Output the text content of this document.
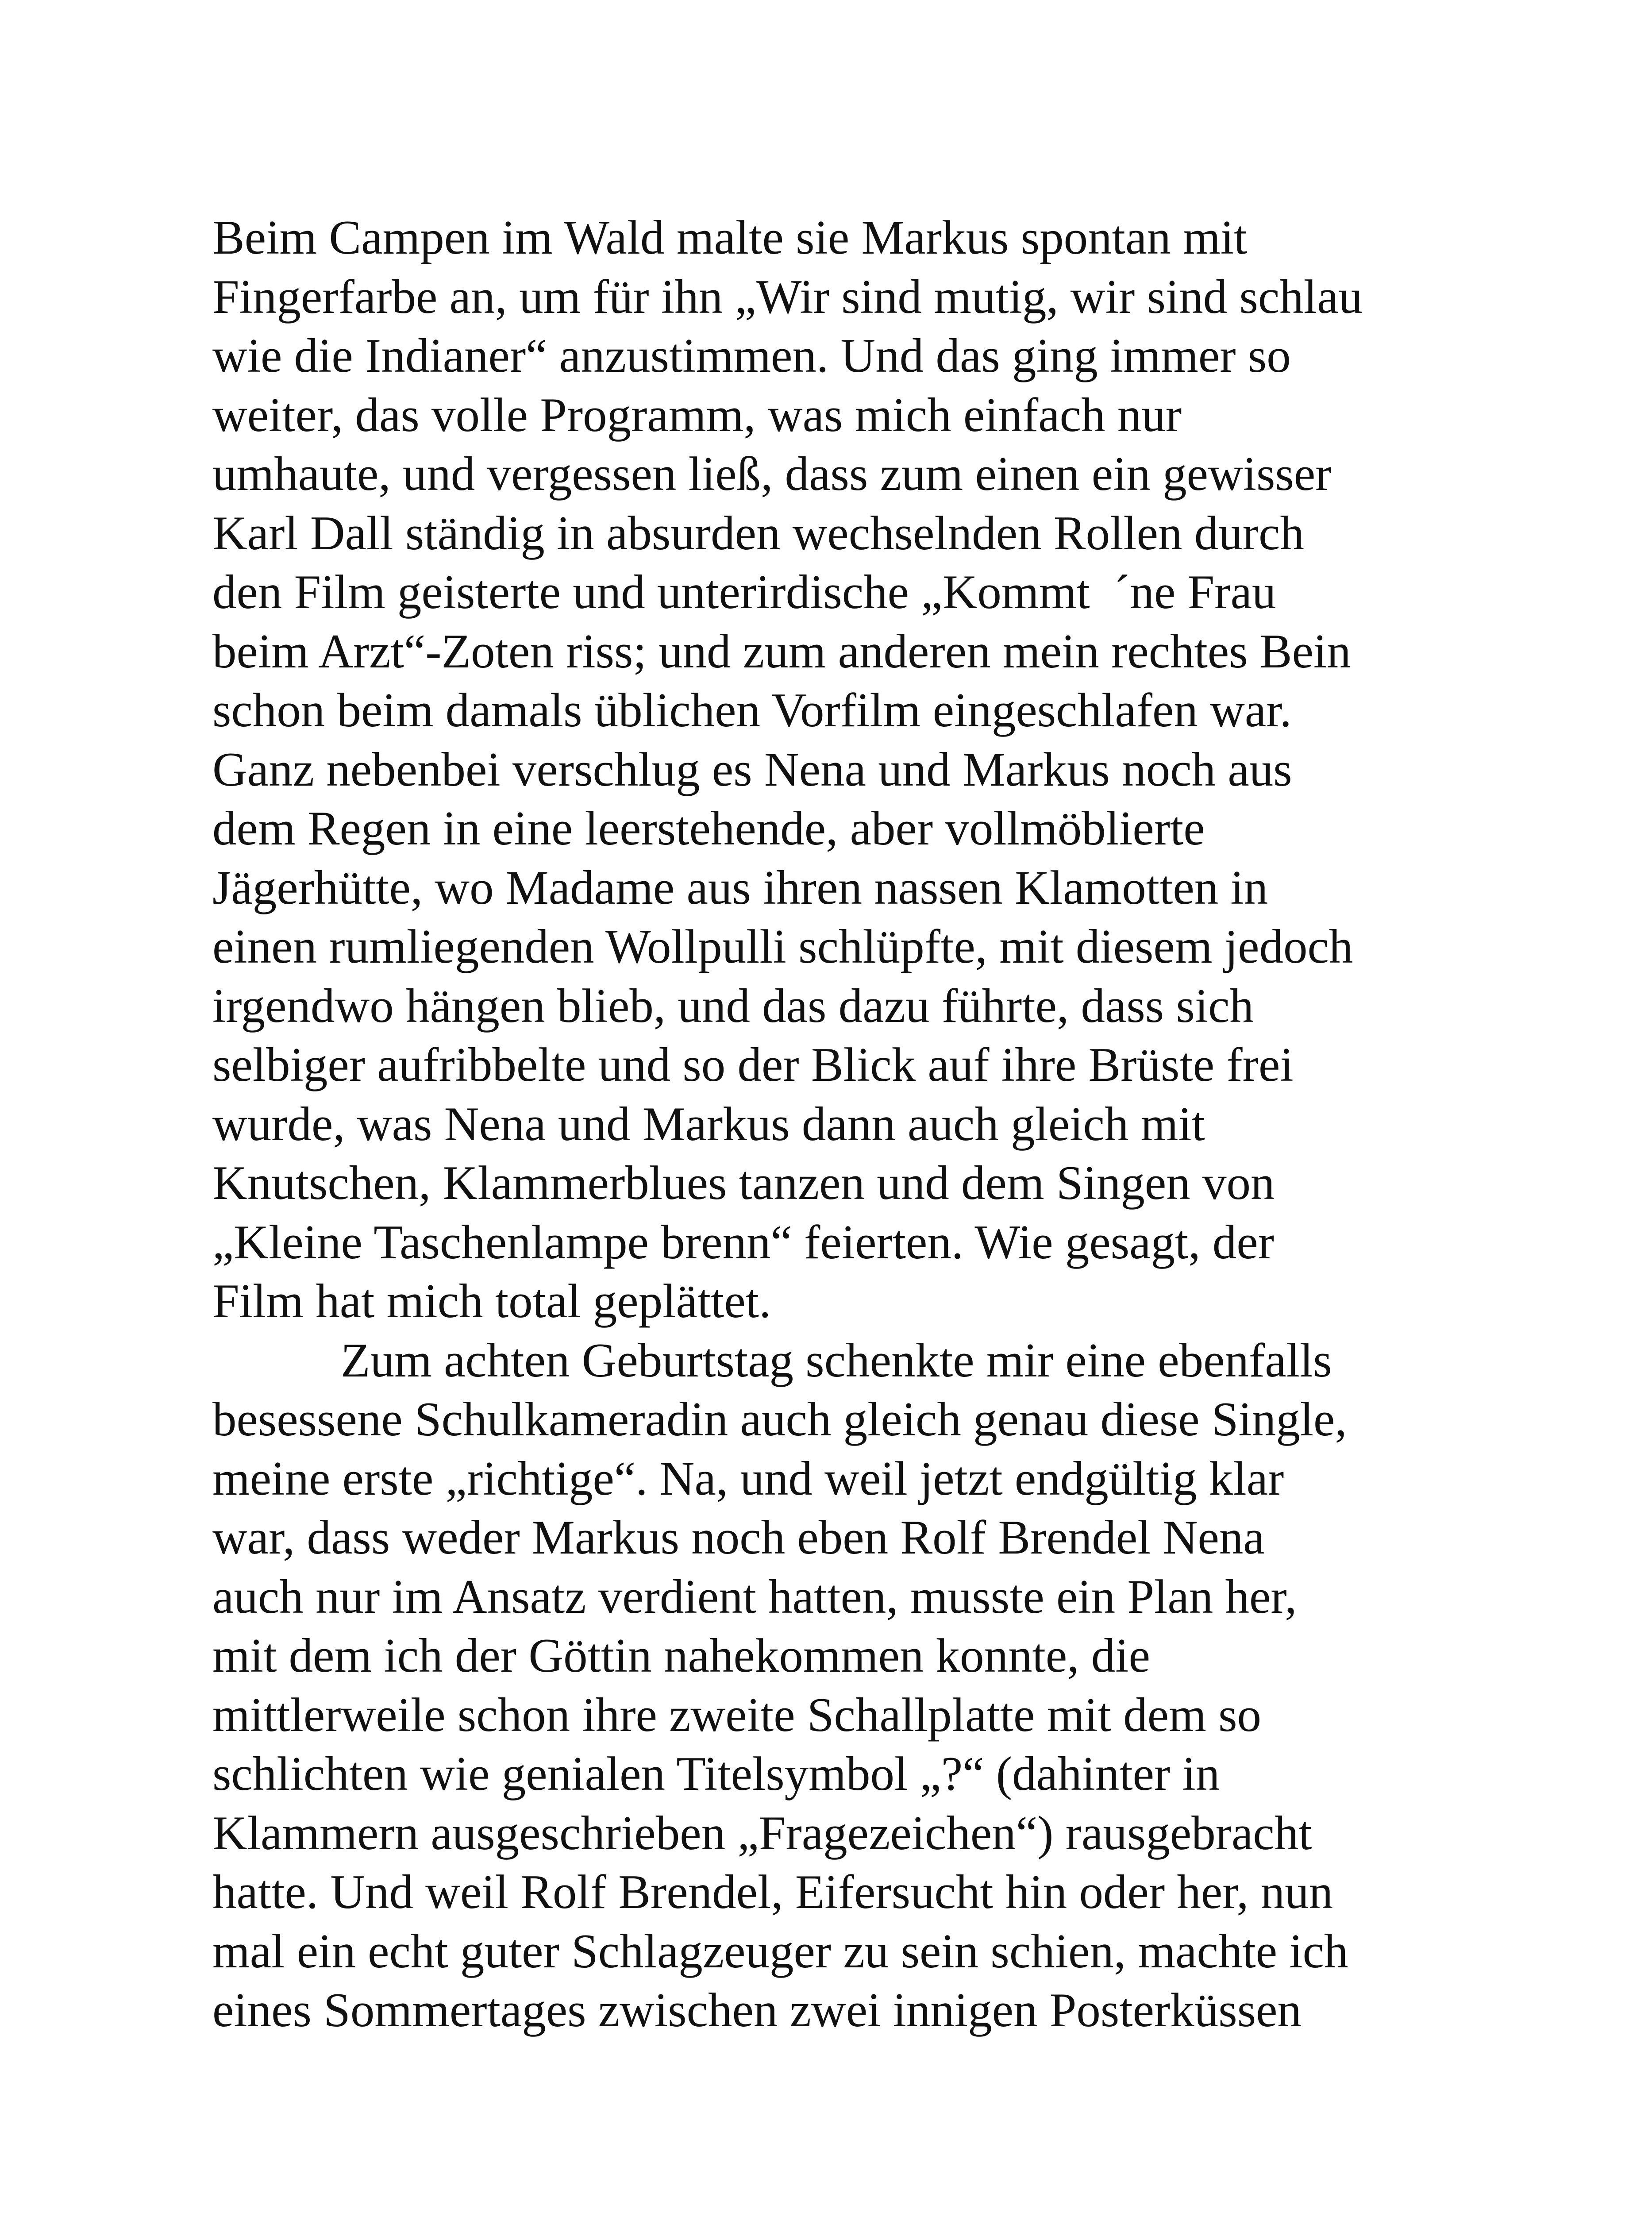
Beim Campen im Wald malte sie Markus spontan mit
Fingerfarbe an, um für ihn „Wir sind mutig, wir sind schlau
wie die Indianer“ anzustimmen. Und das ging immer so
weiter, das volle Programm, was mich einfach nur
umhaute, und vergessen ließ, dass zum einen ein gewisser
Karl Dall ständig in absurden wechselnden Rollen durch
den Film geisterte und unterirdische „Kommt  ´ne Frau
beim Arzt“-Zoten riss; und zum anderen mein rechtes Bein
schon beim damals üblichen Vorfilm eingeschlafen war.
Ganz nebenbei verschlug es Nena und Markus noch aus
dem Regen in eine leerstehende, aber vollmöblierte
Jägerhütte, wo Madame aus ihren nassen Klamotten in
einen rumliegenden Wollpulli schlüpfte, mit diesem jedoch
irgendwo hängen blieb, und das dazu führte, dass sich
selbiger aufribbelte und so der Blick auf ihre Brüste frei
wurde, was Nena und Markus dann auch gleich mit
Knutschen, Klammerblues tanzen und dem Singen von
„Kleine Taschenlampe brenn“ feierten. Wie gesagt, der
Film hat mich total geplättet.
Zum achten Geburtstag schenkte mir eine ebenfalls
besessene Schulkameradin auch gleich genau diese Single,
meine erste „richtige“. Na, und weil jetzt endgültig klar
war, dass weder Markus noch eben Rolf Brendel Nena
auch nur im Ansatz verdient hatten, musste ein Plan her,
mit dem ich der Göttin nahekommen konnte, die
mittlerweile schon ihre zweite Schallplatte mit dem so
schlichten wie genialen Titelsymbol „?“ (dahinter in
Klammern ausgeschrieben „Fragezeichen“) rausgebracht
hatte. Und weil Rolf Brendel, Eifersucht hin oder her, nun
mal ein echt guter Schlagzeuger zu sein schien, machte ich
eines Sommertages zwischen zwei innigen Posterküssen
